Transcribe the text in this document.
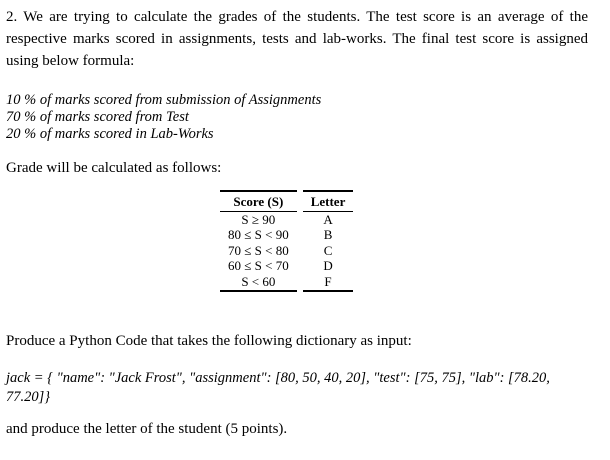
2. We are trying to calculate the grades of the students. The test score is an average of the respective marks scored in assignments, tests and lab-works. The final test score is assigned using below formula:
10 % of marks scored from submission of Assignments
70 % of marks scored from Test
20 % of marks scored in Lab-Works
Grade will be calculated as follows:
Score (S)		Letter
S ≥ 90		A
80 ≤ S < 90		B
70 ≤ S < 80		C
60 ≤ S < 70		D
S < 60		F
Produce a Python Code that takes the following dictionary as input:
jack = { "name": "Jack Frost", "assignment": [80, 50, 40, 20], "test": [75, 75], "lab": [78.20, 77.20]}
and produce the letter of the student (5 points).
